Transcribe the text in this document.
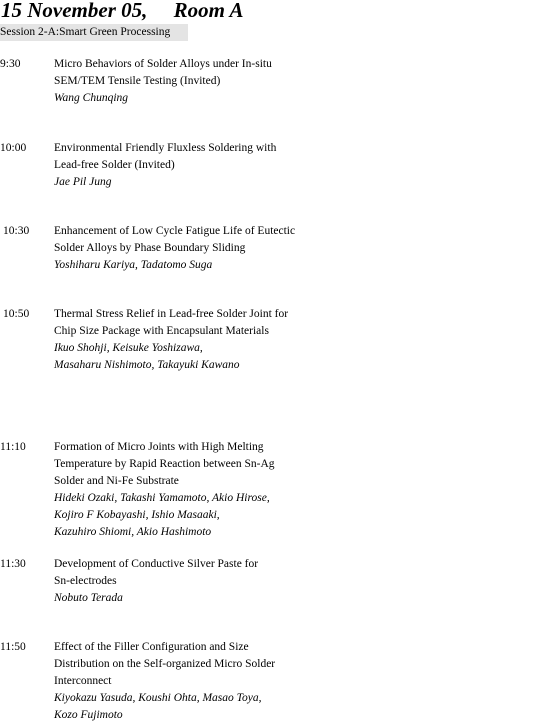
15 November 05,     Room A
Session 2-A:Smart Green Processing
9:30	Micro Behaviors of Solder Alloys under In-situ
SEM/TEM Tensile Testing (Invited)
Wang Chunqing
10:00 Environmental Friendly Fluxless Soldering with
Lead-free Solder (Invited)
Jae Pil Jung
10:30 Enhancement of Low Cycle Fatigue Life of Eutectic
Solder Alloys by Phase Boundary Sliding
Yoshiharu Kariya, Tadatomo Suga
10:50 Thermal Stress Relief in Lead-free Solder Joint for
Chip Size Package with Encapsulant Materials
Ikuo Shohji, Keisuke Yoshizawa,
Masaharu Nishimoto, Takayuki Kawano
11:10 Formation of Micro Joints with High Melting
Temperature by Rapid Reaction between Sn-Ag
Solder and Ni-Fe Substrate
Hideki Ozaki, Takashi Yamamoto, Akio Hirose,
Kojiro F Kobayashi, Ishio Masaaki,
Kazuhiro Shiomi, Akio Hashimoto
11:30 Development of Conductive Silver Paste for
Sn-electrodes
Nobuto Terada
11:50 Effect of the Filler Configuration and Size
Distribution on the Self-organized Micro Solder
Interconnect
Kiyokazu Yasuda, Koushi Ohta, Masao Toya,
Kozo Fujimoto
